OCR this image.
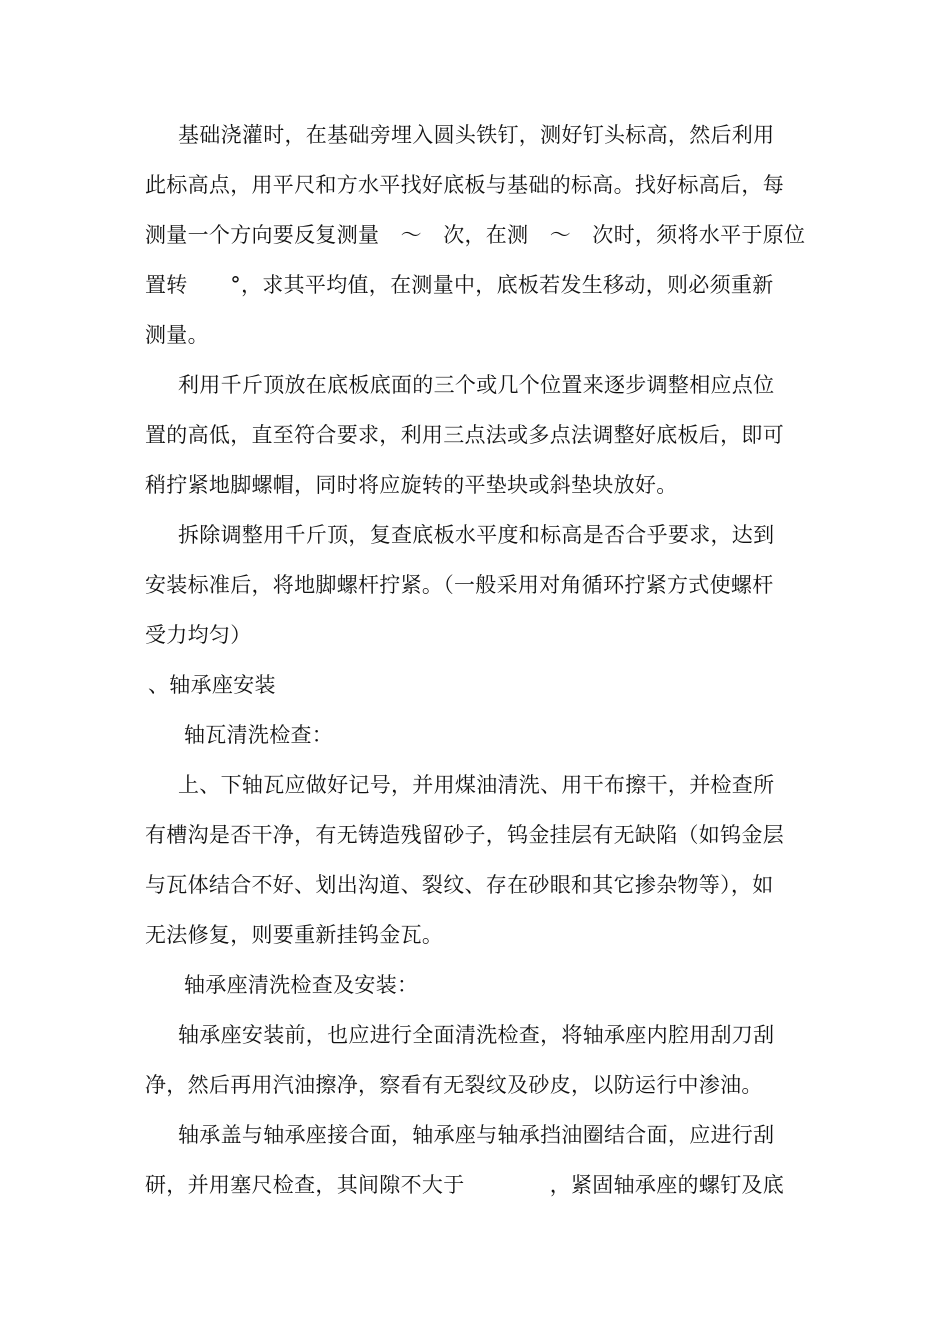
基础浇灌时，在基础旁埋入圆头铁钉，测好钉头标高，然后利用
此标高点，用平尺和方水平找好底板与基础的标高。找好标高后，每
测量一个方向要反复测量　～　次，在测　～　次时，须将水平于原位
置转　　°，求其平均值，在测量中，底板若发生移动，则必须重新
测量。
利用千斤顶放在底板底面的三个或几个位置来逐步调整相应点位
置的高低，直至符合要求，利用三点法或多点法调整好底板后，即可
稍拧紧地脚螺帽，同时将应旋转的平垫块或斜垫块放好。
拆除调整用千斤顶，复查底板水平度和标高是否合乎要求，达到
安装标准后，将地脚螺杆拧紧。（一般采用对角循环拧紧方式使螺杆
受力均匀）
、轴承座安装
轴瓦清洗检查：
上、下轴瓦应做好记号，并用煤油清洗、用干布擦干，并检查所
有槽沟是否干净，有无铸造残留砂子，钨金挂层有无缺陷（如钨金层
与瓦体结合不好、划出沟道、裂纹、存在砂眼和其它掺杂物等），如
无法修复，则要重新挂钨金瓦。
轴承座清洗检查及安装：
轴承座安装前，也应进行全面清洗检查，将轴承座内腔用刮刀刮
净，然后再用汽油擦净，察看有无裂纹及砂皮，以防运行中渗油。
轴承盖与轴承座接合面，轴承座与轴承挡油圈结合面，应进行刮
研，并用塞尺检查，其间隙不大于　　　　，紧固轴承座的螺钉及底
